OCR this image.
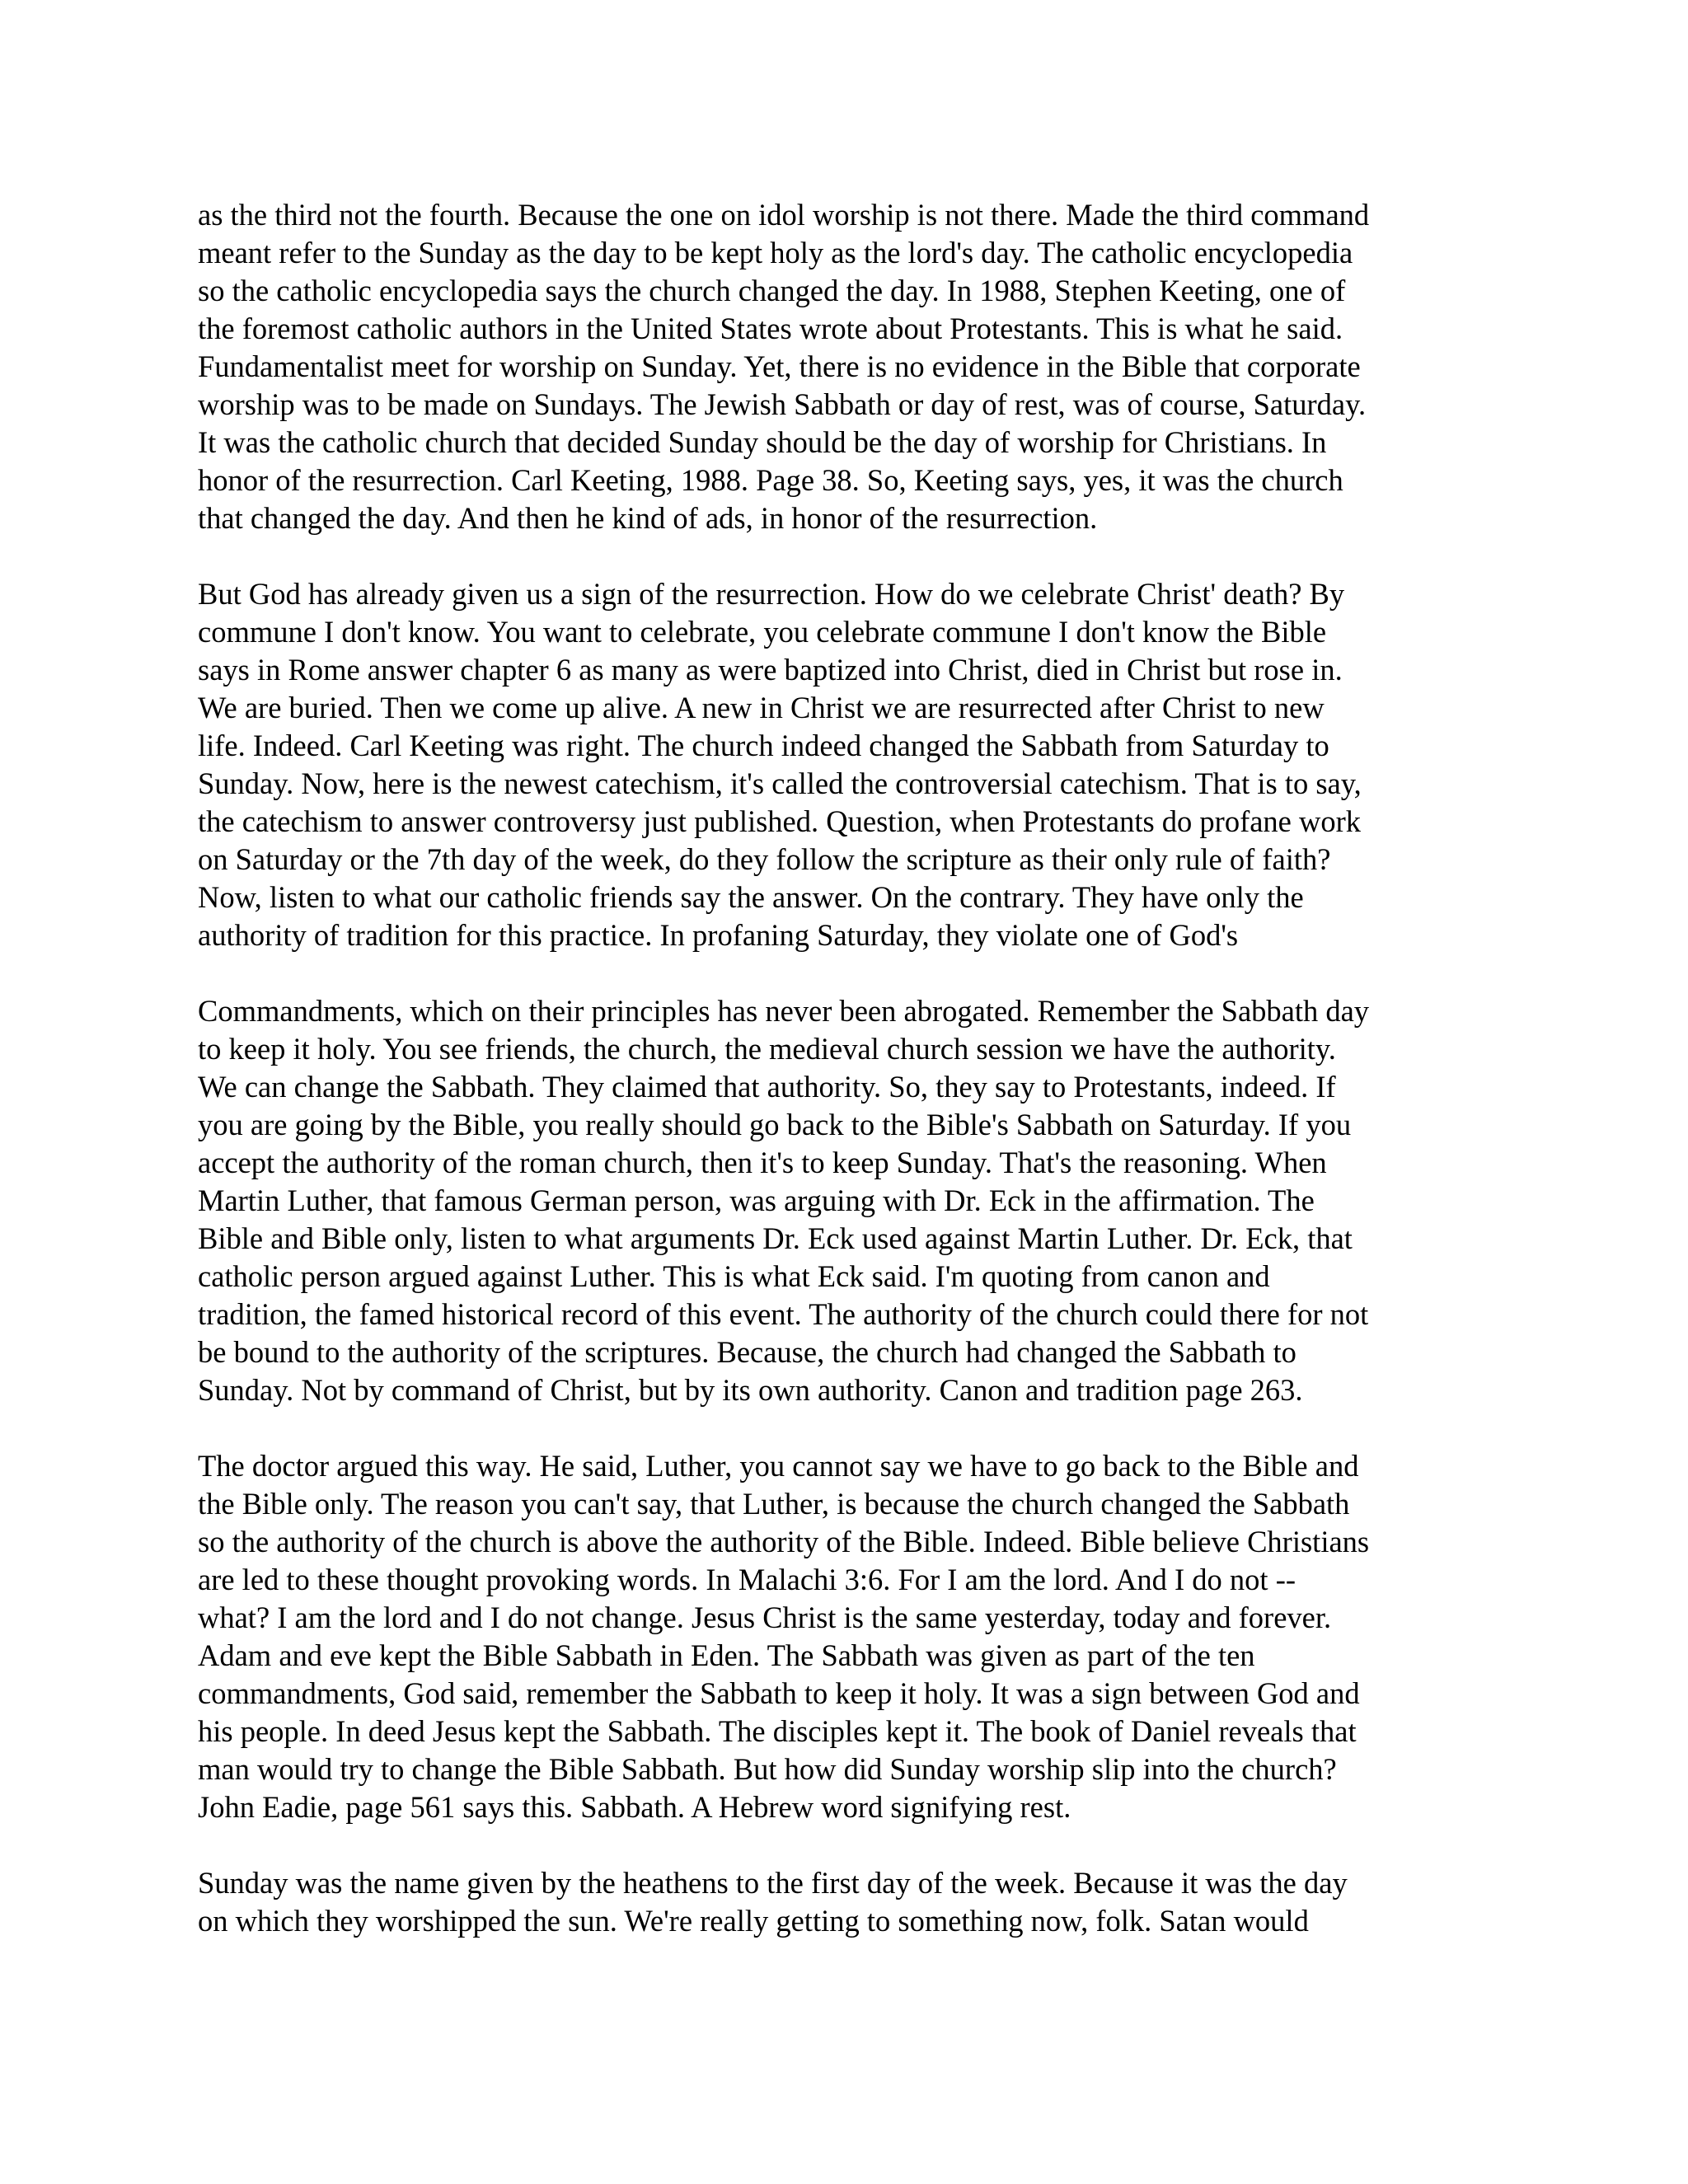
as the third not the fourth. Because the one on idol worship is not there. Made the third command
meant refer to the Sunday as the day to be kept holy as the lord's day. The catholic encyclopedia
so the catholic encyclopedia says the church changed the day. In 1988, Stephen Keeting, one of
the foremost catholic authors in the United States wrote about Protestants. This is what he said.
Fundamentalist meet for worship on Sunday. Yet, there is no evidence in the Bible that corporate
worship was to be made on Sundays. The Jewish Sabbath or day of rest, was of course, Saturday.
It was the catholic church that decided Sunday should be the day of worship for Christians. In
honor of the resurrection. Carl Keeting, 1988. Page 38. So, Keeting says, yes, it was the church
that changed the day. And then he kind of ads, in honor of the resurrection.
But God has already given us a sign of the resurrection. How do we celebrate Christ' death? By
commune I don't know. You want to celebrate, you celebrate commune I don't know the Bible
says in Rome answer chapter 6 as many as were baptized into Christ, died in Christ but rose in.
We are buried. Then we come up alive. A new in Christ we are resurrected after Christ to new
life. Indeed. Carl Keeting was right. The church indeed changed the Sabbath from Saturday to
Sunday. Now, here is the newest catechism, it's called the controversial catechism. That is to say,
the catechism to answer controversy just published. Question, when Protestants do profane work
on Saturday or the 7th day of the week, do they follow the scripture as their only rule of faith?
Now, listen to what our catholic friends say the answer. On the contrary. They have only the
authority of tradition for this practice. In profaning Saturday, they violate one of God's
Commandments, which on their principles has never been abrogated. Remember the Sabbath day
to keep it holy. You see friends, the church, the medieval church session we have the authority.
We can change the Sabbath. They claimed that authority. So, they say to Protestants, indeed. If
you are going by the Bible, you really should go back to the Bible's Sabbath on Saturday. If you
accept the authority of the roman church, then it's to keep Sunday. That's the reasoning. When
Martin Luther, that famous German person, was arguing with Dr. Eck in the affirmation. The
Bible and Bible only, listen to what arguments Dr. Eck used against Martin Luther. Dr. Eck, that
catholic person argued against Luther. This is what Eck said. I'm quoting from canon and
tradition, the famed historical record of this event. The authority of the church could there for not
be bound to the authority of the scriptures. Because, the church had changed the Sabbath to
Sunday. Not by command of Christ, but by its own authority. Canon and tradition page 263.
The doctor argued this way. He said, Luther, you cannot say we have to go back to the Bible and
the Bible only. The reason you can't say, that Luther, is because the church changed the Sabbath
so the authority of the church is above the authority of the Bible. Indeed. Bible believe Christians
are led to these thought provoking words. In Malachi 3:6. For I am the lord. And I do not --
what? I am the lord and I do not change. Jesus Christ is the same yesterday, today and forever.
Adam and eve kept the Bible Sabbath in Eden. The Sabbath was given as part of the ten
commandments, God said, remember the Sabbath to keep it holy. It was a sign between God and
his people. In deed Jesus kept the Sabbath. The disciples kept it. The book of Daniel reveals that
man would try to change the Bible Sabbath. But how did Sunday worship slip into the church?
John Eadie, page 561 says this. Sabbath. A Hebrew word signifying rest.
Sunday was the name given by the heathens to the first day of the week. Because it was the day
on which they worshipped the sun. We're really getting to something now, folk. Satan would
